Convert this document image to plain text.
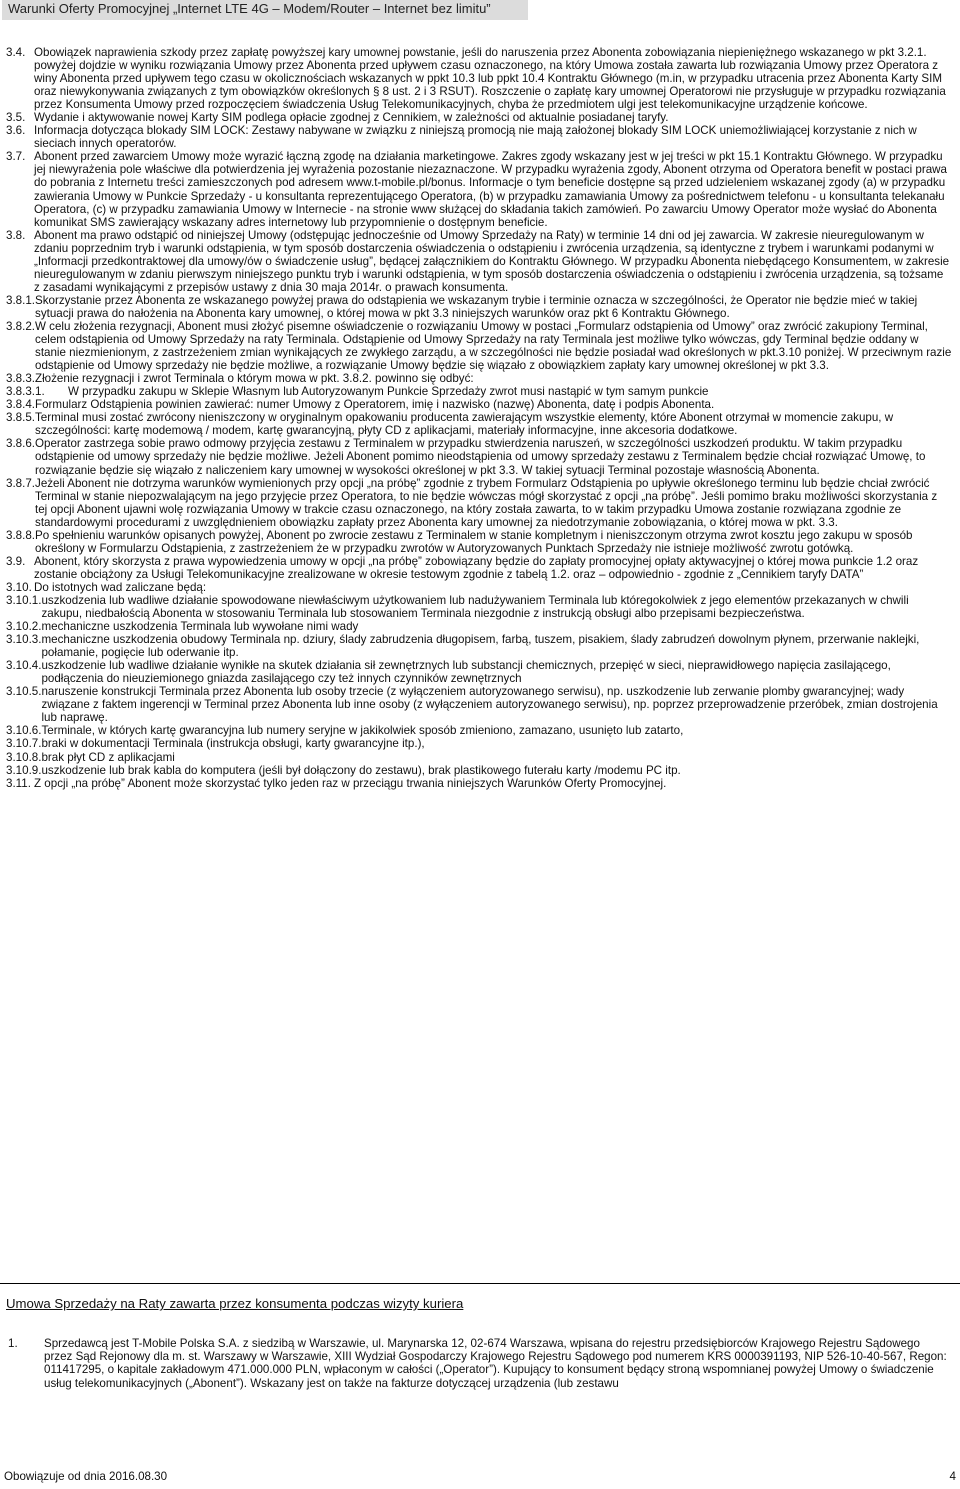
Warunki Oferty Promocyjnej „Internet LTE 4G – Modem/Router – Internet bez limitu”
3.4. Obowiązek naprawienia szkody przez zapłatę powyższej kary umownej powstanie, jeśli do naruszenia przez Abonenta zobowiązania niepieniężnego wskazanego w pkt 3.2.1. powyżej dojdzie w wyniku rozwiązania Umowy przez Abonenta przed upływem czasu oznaczonego, na który Umowa została zawarta lub rozwiązania Umowy przez Operatora z winy Abonenta przed upływem tego czasu w okolicznościach wskazanych w ppkt 10.3 lub ppkt 10.4 Kontraktu Głównego (m.in, w przypadku utracenia przez Abonenta Karty SIM oraz niewykonywania związanych z tym obowiązków określonych § 8 ust. 2 i 3 RSUT). Roszczenie o zapłatę kary umownej Operatorowi nie przysługuje w przypadku rozwiązania przez Konsumenta Umowy przed rozpoczęciem świadczenia Usług Telekomunikacyjnych, chyba że przedmiotem ulgi jest telekomunikacyjne urządzenie końcowe.
3.5. Wydanie i aktywowanie nowej Karty SIM podlega opłacie zgodnej z Cennikiem, w zależności od aktualnie posiadanej taryfy.
3.6. Informacja dotycząca blokady SIM LOCK: Zestawy nabywane w związku z niniejszą promocją nie mają założonej blokady SIM LOCK uniemożliwiającej korzystanie z nich w sieciach innych operatorów.
3.7. Abonent przed zawarciem Umowy może wyrazić łączną zgodę na działania marketingowe. Zakres zgody wskazany jest w jej treści w pkt 15.1 Kontraktu Głównego. W przypadku jej niewyrażenia pole właściwe dla potwierdzenia jej wyrażenia pozostanie niezaznaczone. W przypadku wyrażenia zgody, Abonent otrzyma od Operatora benefit w postaci prawa do pobrania z Internetu treści zamieszczonych pod adresem www.t-mobile.pl/bonus. Informacje o tym beneficie dostępne są przed udzieleniem wskazanej zgody (a) w przypadku zawierania Umowy w Punkcie Sprzedaży - u konsultanta reprezentującego Operatora, (b) w przypadku zamawiania Umowy za pośrednictwem telefonu - u konsultanta telekanału Operatora, (c) w przypadku zamawiania Umowy w Internecie - na stronie www służącej do składania takich zamówień. Po zawarciu Umowy Operator może wysłać do Abonenta komunikat SMS zawierający wskazany adres internetowy lub przypomnienie o dostępnym beneficie.
3.8. Abonent ma prawo odstąpić od niniejszej Umowy (odstępując jednocześnie od Umowy Sprzedaży na Raty) w terminie 14 dni od jej zawarcia. W zakresie nieuregulowanym w zdaniu poprzednim tryb i warunki odstąpienia, w tym sposób dostarczenia oświadczenia o odstąpieniu i zwrócenia urządzenia, są identyczne z trybem i warunkami podanymi w „Informacji przedkontraktowej dla umowy/ów o świadczenie usług”, będącej załącznikiem do Kontraktu Głównego. W przypadku Abonenta niebędącego Konsumentem, w zakresie nieuregulowanym w zdaniu pierwszym niniejszego punktu tryb i warunki odstąpienia, w tym sposób dostarczenia oświadczenia o odstąpieniu i zwrócenia urządzenia, są tożsame z zasadami wynikającymi z przepisów ustawy z dnia 30 maja 2014r. o prawach konsumenta.
3.8.1. Skorzystanie przez Abonenta ze wskazanego powyżej prawa do odstąpienia we wskazanym trybie i terminie oznacza w szczególności, że Operator nie będzie mieć w takiej sytuacji prawa do nałożenia na Abonenta kary umownej, o której mowa w pkt 3.3 niniejszych warunków oraz pkt 6 Kontraktu Głównego.
3.8.2. W celu złożenia rezygnacji, Abonent musi złożyć pisemne oświadczenie o rozwiązaniu Umowy w postaci „Formularz odstąpienia od Umowy” oraz zwrócić zakupiony Terminal, celem odstąpienia od Umowy Sprzedaży na raty Terminala. Odstąpienie od Umowy Sprzedaży na raty Terminala jest możliwe tylko wówczas, gdy Terminal będzie oddany w stanie niezmienionym, z zastrzeżeniem zmian wynikających ze zwykłego zarządu, a w szczególności nie będzie posiadał wad określonych w pkt.3.10 poniżej. W przeciwnym razie odstąpienie od Umowy sprzedaży nie będzie możliwe, a rozwiązanie Umowy będzie się wiązało z obowiązkiem zapłaty kary umownej określonej w pkt 3.3.
3.8.3. Złożenie rezygnacji i zwrot Terminala o którym mowa w pkt. 3.8.2. powinno się odbyć:
3.8.3.1.	W przypadku zakupu w Sklepie Własnym lub Autoryzowanym Punkcie Sprzedaży zwrot musi nastąpić w tym samym punkcie
3.8.4. Formularz Odstąpienia powinien zawierać: numer Umowy z Operatorem, imię i nazwisko (nazwę) Abonenta, datę i podpis Abonenta.
3.8.5. Terminal musi zostać zwrócony nieniszczony w oryginalnym opakowaniu producenta zawierającym wszystkie elementy, które Abonent otrzymał w momencie zakupu, w szczególności: kartę modemową / modem, kartę gwarancyjną, płyty CD z aplikacjami, materiały informacyjne, inne akcesoria dodatkowe.
3.8.6. Operator zastrzega sobie prawo odmowy przyjęcia zestawu z Terminalem w przypadku stwierdzenia naruszeń, w szczególności uszkodzeń produktu. W takim przypadku odstąpienie od umowy sprzedaży nie będzie możliwe. Jeżeli Abonent pomimo nieodstąpienia od umowy sprzedaży zestawu z Terminalem będzie chciał rozwiązać Umowę, to rozwiązanie będzie się wiązało z naliczeniem kary umownej w wysokości określonej w pkt 3.3. W takiej sytuacji Terminal pozostaje własnością Abonenta.
3.8.7. Jeżeli Abonent nie dotrzyma warunków wymienionych przy opcji „na próbę” zgodnie z trybem Formularz Odstąpienia po upływie określonego terminu lub będzie chciał zwrócić Terminal w stanie niepozwalającym na jego przyjęcie przez Operatora, to nie będzie wówczas mógł skorzystać z opcji „na próbę”. Jeśli pomimo braku możliwości skorzystania z tej opcji Abonent ujawni wolę rozwiązania Umowy w trakcie czasu oznaczonego, na który została zawarta, to w takim przypadku Umowa zostanie rozwiązana zgodnie ze standardowymi procedurami z uwzględnieniem obowiązku zapłaty przez Abonenta kary umownej za niedotrzymanie zobowiązania, o której mowa w pkt. 3.3.
3.8.8. Po spełnieniu warunków opisanych powyżej, Abonent po zwrocie zestawu z Terminalem w stanie kompletnym i nieniszczonym otrzyma zwrot kosztu jego zakupu w sposób określony w Formularzu Odstąpienia, z zastrzeżeniem że w przypadku zwrotów w Autoryzowanych Punktach Sprzedaży nie istnieje możliwość zwrotu gotówką.
3.9. Abonent, który skorzysta z prawa wypowiedzenia umowy w opcji „na próbę” zobowiązany będzie do zapłaty promocyjnej opłaty aktywacyjnej o której mowa punkcie 1.2 oraz zostanie obciążony za Usługi Telekomunikacyjne zrealizowane w okresie testowym zgodnie z tabelą 1.2. oraz – odpowiednio - zgodnie z „Cennikiem taryfy DATA”
3.10. Do istotnych wad zaliczane będą:
3.10.1. uszkodzenia lub wadliwe działanie spowodowane niewłaściwym użytkowaniem lub nadużywaniem Terminala lub któregokolwiek z jego elementów przekazanych w chwili zakupu, niedbałością Abonenta w stosowaniu Terminala lub stosowaniem Terminala niezgodnie z instrukcją obsługi albo przepisami bezpieczeństwa.
3.10.2. mechaniczne uszkodzenia Terminala lub wywołane nimi wady
3.10.3. mechaniczne uszkodzenia obudowy Terminala np. dziury, ślady zabrudzenia długopisem, farbą, tuszem, pisakiem, ślady zabrudzeń dowolnym płynem, przerwanie naklejki, połamanie, pogięcie lub oderwanie itp.
3.10.4. uszkodzenie lub wadliwe działanie wynikłe na skutek działania sił zewnętrznych lub substancji chemicznych, przepięć w sieci, nieprawidłowego napięcia zasilającego, podłączenia do nieuziemionego gniazda zasilającego czy też innych czynników zewnętrznych
3.10.5. naruszenie konstrukcji Terminala przez Abonenta lub osoby trzecie (z wyłączeniem autoryzowanego serwisu), np. uszkodzenie lub zerwanie plomby gwarancyjnej; wady związane z faktem ingerencji w Terminal przez Abonenta lub inne osoby (z wyłączeniem autoryzowanego serwisu), np. poprzez przeprowadzenie przeróbek, zmian dostrojenia lub naprawę.
3.10.6. Terminale, w których kartę gwarancyjna lub numery seryjne w jakikolwiek sposób zmieniono, zamazano, usunięto lub zatarto,
3.10.7. braki w dokumentacji Terminala (instrukcja obsługi, karty gwarancyjne itp.),
3.10.8. brak płyt CD z aplikacjami
3.10.9. uszkodzenie lub brak kabla do komputera (jeśli był dołączony do zestawu), brak plastikowego futerału karty /modemu PC itp.
3.11. Z opcji „na próbę” Abonent może skorzystać tylko jeden raz w przeciągu trwania niniejszych Warunków Oferty Promocyjnej.
Umowa Sprzedaży na Raty zawarta przez konsumenta podczas wizyty kuriera
1.	Sprzedawcą jest T-Mobile Polska S.A. z siedzibą w Warszawie, ul. Marynarska 12, 02-674 Warszawa, wpisana do rejestru przedsiębiorców Krajowego Rejestru Sądowego przez Sąd Rejonowy dla m. st. Warszawy w Warszawie, XIII Wydział Gospodarczy Krajowego Rejestru Sądowego pod numerem KRS 0000391193, NIP 526-10-40-567, Regon: 011417295, o kapitale zakładowym 471.000.000 PLN, wpłaconym w całości („Operator”). Kupujący to konsument będący stroną wspomnianej powyżej Umowy o świadczenie usług telekomunikacyjnych („Abonent”). Wskazany jest on także na fakturze dotyczącej urządzenia (lub zestawu
Obowiązuje od dnia 2016.08.30	4
